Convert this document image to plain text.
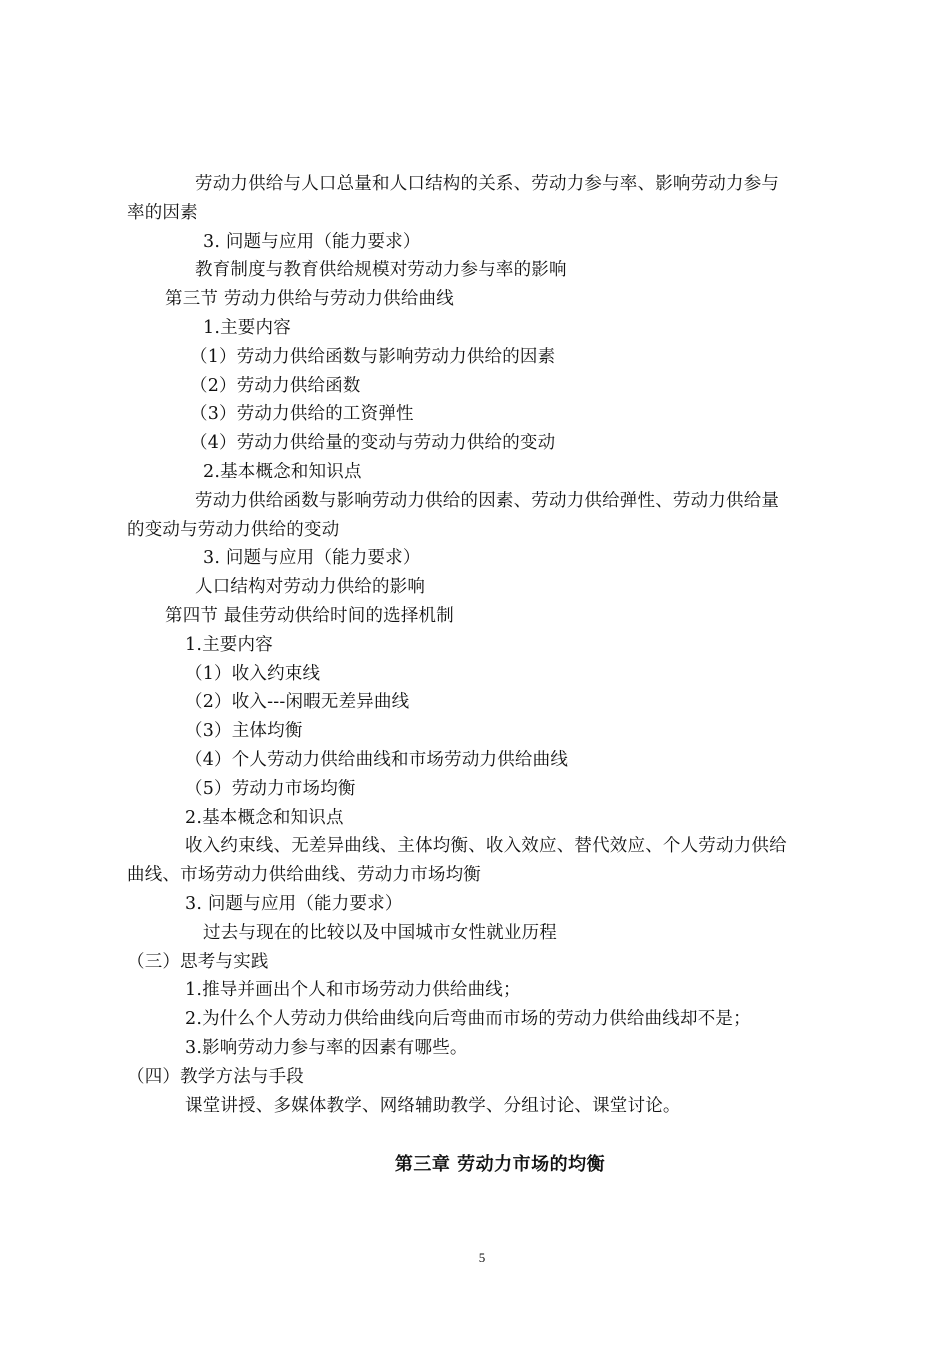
劳动力供给与人口总量和人口结构的关系、劳动力参与率、影响劳动力参与
率的因素
3. 问题与应用（能力要求）
教育制度与教育供给规模对劳动力参与率的影响
第三节 劳动力供给与劳动力供给曲线
1.主要内容
（1）劳动力供给函数与影响劳动力供给的因素
（2）劳动力供给函数
（3）劳动力供给的工资弹性
（4）劳动力供给量的变动与劳动力供给的变动
2.基本概念和知识点
劳动力供给函数与影响劳动力供给的因素、劳动力供给弹性、劳动力供给量
的变动与劳动力供给的变动
3. 问题与应用（能力要求）
人口结构对劳动力供给的影响
第四节 最佳劳动供给时间的选择机制
1.主要内容
（1）收入约束线
（2）收入---闲暇无差异曲线
（3）主体均衡
（4）个人劳动力供给曲线和市场劳动力供给曲线
（5）劳动力市场均衡
2.基本概念和知识点
收入约束线、无差异曲线、主体均衡、收入效应、替代效应、个人劳动力供给
曲线、市场劳动力供给曲线、劳动力市场均衡
3. 问题与应用（能力要求）
过去与现在的比较以及中国城市女性就业历程
（三）思考与实践
1.推导并画出个人和市场劳动力供给曲线；
2.为什么个人劳动力供给曲线向后弯曲而市场的劳动力供给曲线却不是；
3.影响劳动力参与率的因素有哪些。
（四）教学方法与手段
课堂讲授、多媒体教学、网络辅助教学、分组讨论、课堂讨论。
第三章 劳动力市场的均衡
5
